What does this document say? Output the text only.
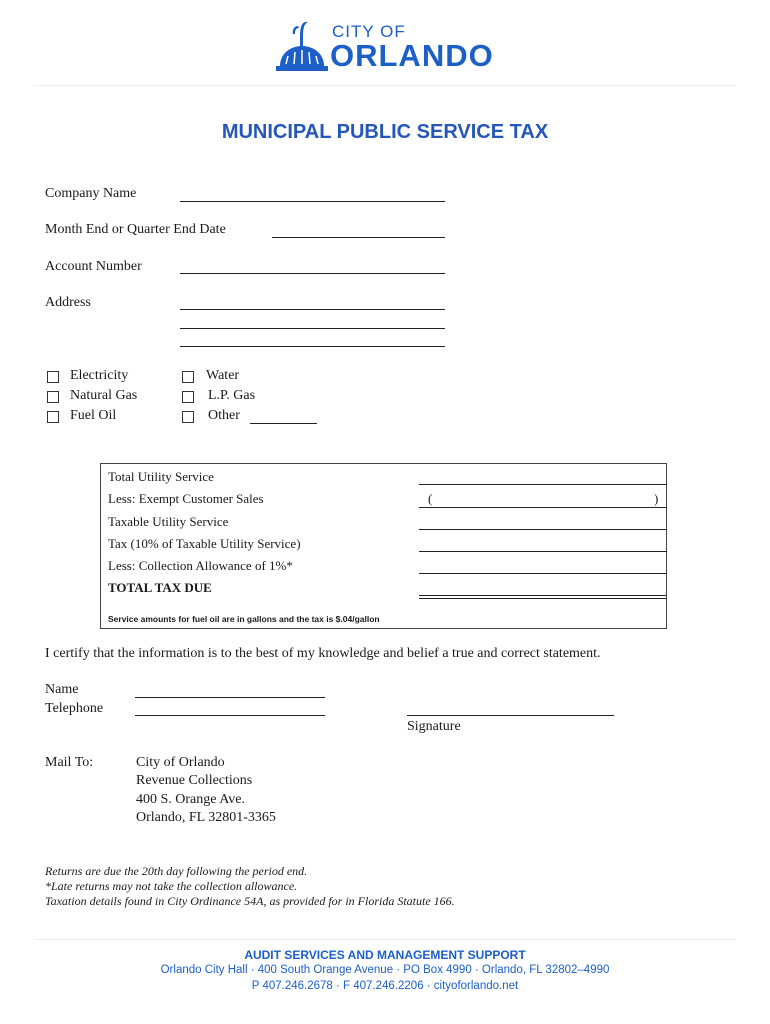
CITY OF
ORLANDO
MUNICIPAL PUBLIC SERVICE TAX
Company Name
Month End or Quarter End Date
Account Number
Address
Electricity
Natural Gas
Fuel Oil
Water
L.P. Gas
Other
Total Utility Service
Less: Exempt Customer Sales	(	)
Taxable Utility Service
Tax (10% of Taxable Utility Service)
Less: Collection Allowance of 1%*
TOTAL TAX DUE
Service amounts for fuel oil are in gallons and the tax is $.04/gallon
I certify that the information is to the best of my knowledge and belief a true and correct statement.
Name
Telephone
Signature
Mail To:	City of Orlando
Revenue Collections
400 S. Orange Ave.
Orlando, FL 32801-3365
Returns are due the 20th day following the period end.
*Late returns may not take the collection allowance.
Taxation details found in City Ordinance 54A, as provided for in Florida Statute 166.
AUDIT SERVICES AND MANAGEMENT SUPPORT
Orlando City Hall · 400 South Orange Avenue · PO Box 4990 · Orlando, FL 32802–4990
P 407.246.2678 · F 407.246.2206 · cityoforlando.net
